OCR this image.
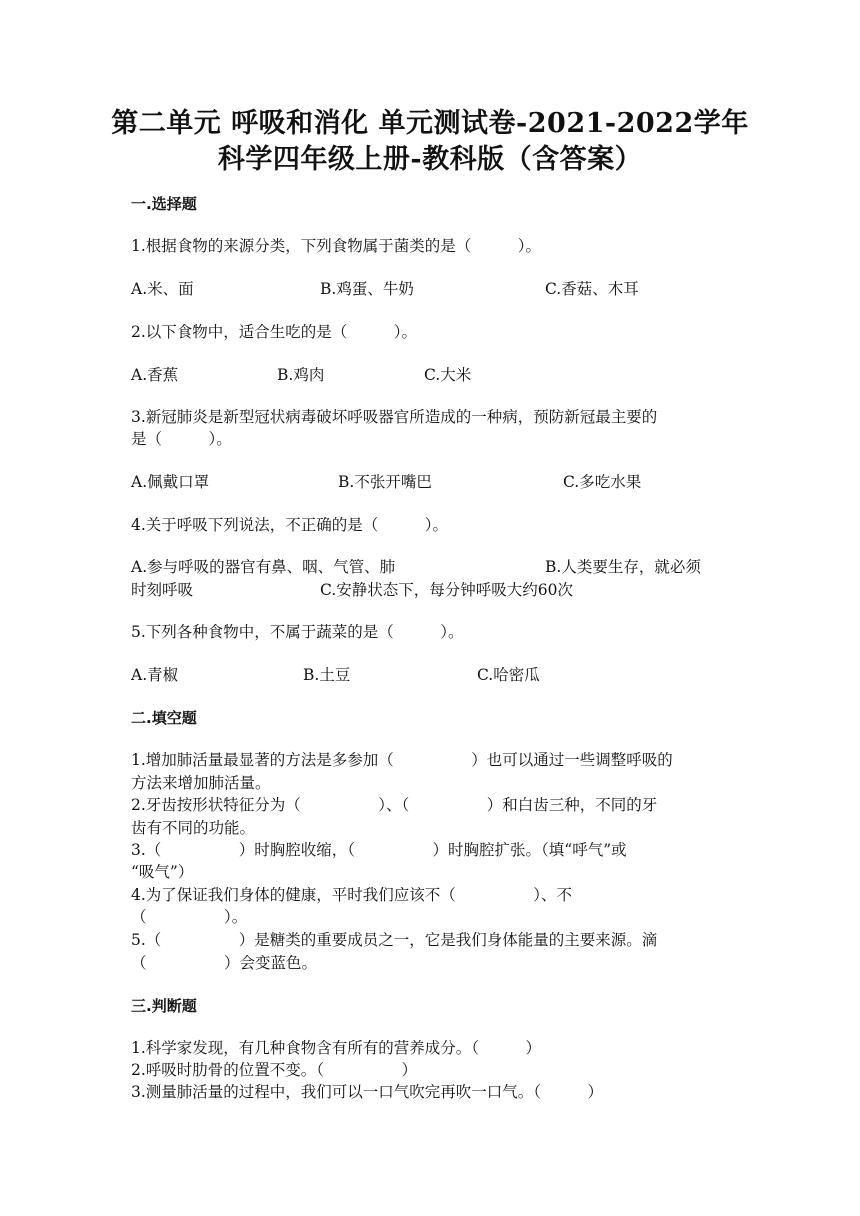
第二单元 呼吸和消化 单元测试卷-2021-2022学年
科学四年级上册-教科版（含答案）
一.选择题
1.根据食物的来源分类，下列食物属于菌类的是（　　　）。
A.米、面	B.鸡蛋、牛奶	C.香菇、木耳
2.以下食物中，适合生吃的是（　　　）。
A.香蕉	B.鸡肉	C.大米
3.新冠肺炎是新型冠状病毒破坏呼吸器官所造成的一种病，预防新冠最主要的
是（　　　）。
A.佩戴口罩	B.不张开嘴巴	C.多吃水果
4.关于呼吸下列说法，不正确的是（　　　）。
A.参与呼吸的器官有鼻、咽、气管、肺	B.人类要生存，就必须
时刻呼吸	C.安静状态下，每分钟呼吸大约60次
5.下列各种食物中，不属于蔬菜的是（　　　）。
A.青椒	B.土豆	C.哈密瓜
二.填空题
1.增加肺活量最显著的方法是多参加（　　　　　）也可以通过一些调整呼吸的
方法来增加肺活量。
2.牙齿按形状特征分为（　　　　　）、（　　　　　）和白齿三种，不同的牙
齿有不同的功能。
3.（　　　　　）时胸腔收缩，（　　　　　）时胸腔扩张。（填“呼气”或
“吸气”）
4.为了保证我们身体的健康，平时我们应该不（　　　　　）、不
（　　　　　）。
5.（　　　　　）是糖类的重要成员之一，它是我们身体能量的主要来源。滴
（　　　　　）会变蓝色。
三.判断题
1.科学家发现，有几种食物含有所有的营养成分。（　　　）
2.呼吸时肋骨的位置不变。（　　　　　）
3.测量肺活量的过程中，我们可以一口气吹完再吹一口气。（　　　）
